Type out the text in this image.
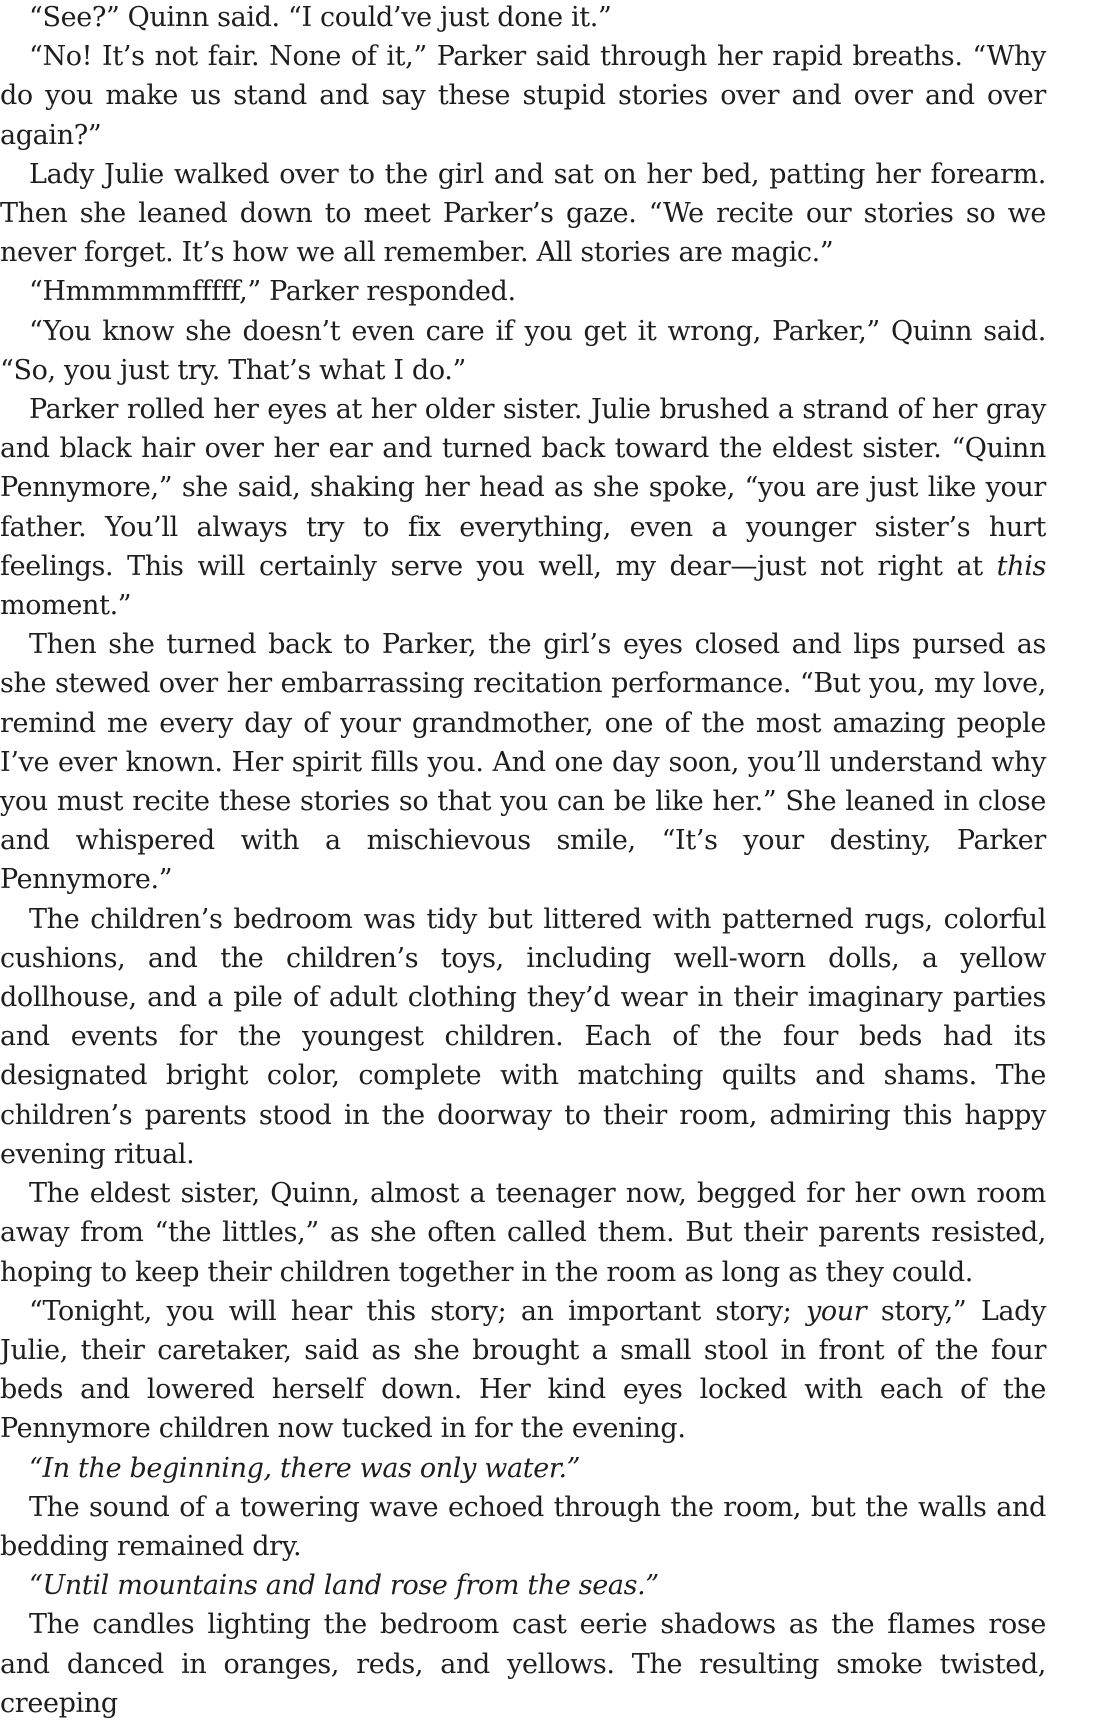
“See?” Quinn said. “I could’ve just done it.”

“No! It’s not fair. None of it,” Parker said through her rapid breaths. “Why do you make us stand and say these stupid stories over and over and over again?”

Lady Julie walked over to the girl and sat on her bed, patting her forearm. Then she leaned down to meet Parker’s gaze. “We recite our stories so we never forget. It’s how we all remember. All stories are magic.”

“Hmmmmmfffff,” Parker responded.

“You know she doesn’t even care if you get it wrong, Parker,” Quinn said. “So, you just try. That’s what I do.”

Parker rolled her eyes at her older sister. Julie brushed a strand of her gray and black hair over her ear and turned back toward the eldest sister. “Quinn Pennymore,” she said, shaking her head as she spoke, “you are just like your father. You’ll always try to fix everything, even a younger sister’s hurt feelings. This will certainly serve you well, my dear—just not right at this moment.”

Then she turned back to Parker, the girl’s eyes closed and lips pursed as she stewed over her embarrassing recitation performance. “But you, my love, remind me every day of your grandmother, one of the most amazing people I’ve ever known. Her spirit fills you. And one day soon, you’ll understand why you must recite these stories so that you can be like her.” She leaned in close and whispered with a mischievous smile, “It’s your destiny, Parker Pennymore.”

The children’s bedroom was tidy but littered with patterned rugs, colorful cushions, and the children’s toys, including well-worn dolls, a yellow dollhouse, and a pile of adult clothing they’d wear in their imaginary parties and events for the youngest children. Each of the four beds had its designated bright color, complete with matching quilts and shams. The children’s parents stood in the doorway to their room, admiring this happy evening ritual.

The eldest sister, Quinn, almost a teenager now, begged for her own room away from “the littles,” as she often called them. But their parents resisted, hoping to keep their children together in the room as long as they could.

“Tonight, you will hear this story; an important story; your story,” Lady Julie, their caretaker, said as she brought a small stool in front of the four beds and lowered herself down. Her kind eyes locked with each of the Pennymore children now tucked in for the evening.

“In the beginning, there was only water.”

The sound of a towering wave echoed through the room, but the walls and bedding remained dry.

“Until mountains and land rose from the seas.”

The candles lighting the bedroom cast eerie shadows as the flames rose and danced in oranges, reds, and yellows. The resulting smoke twisted, creeping
